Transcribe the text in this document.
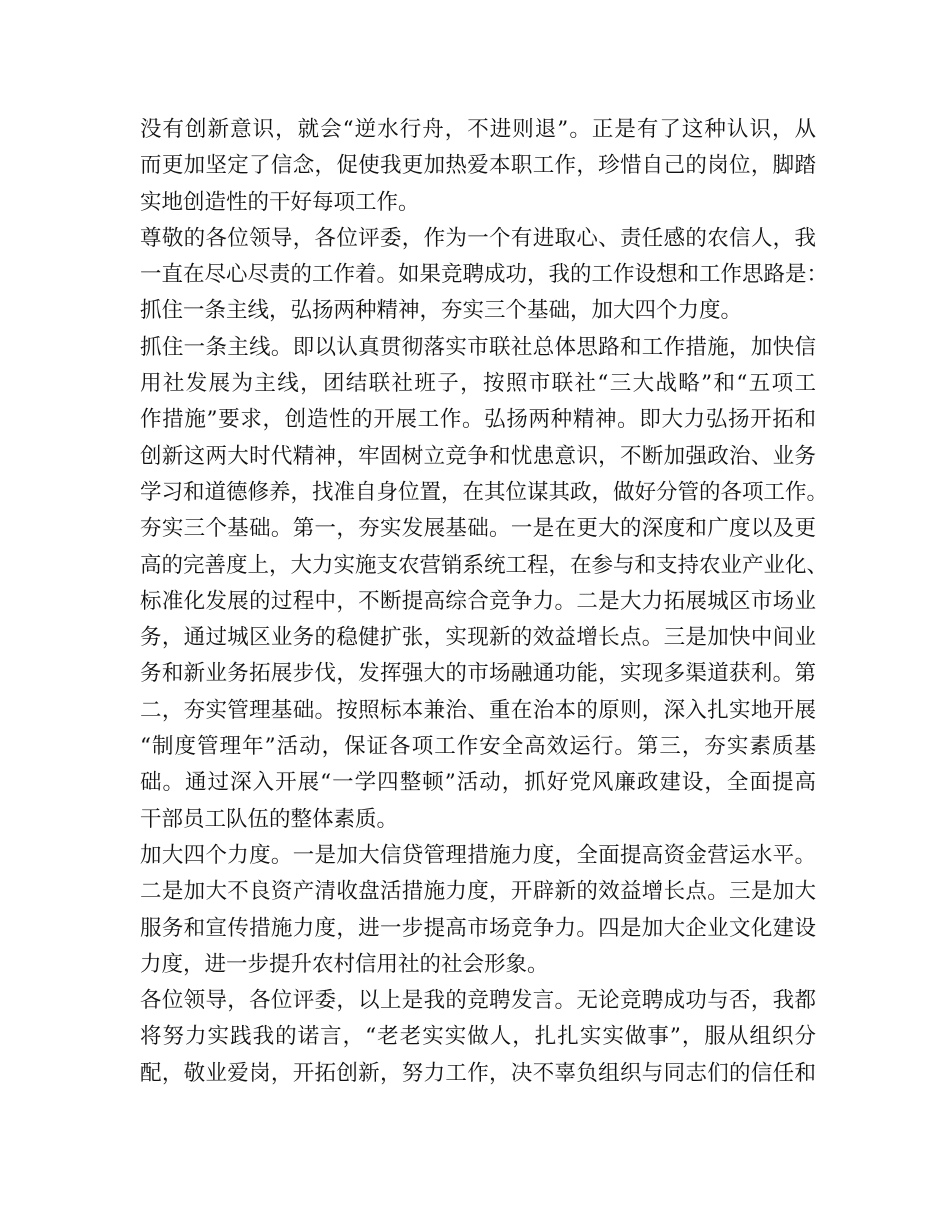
没有创新意识，就会“逆水行舟，不进则退”。正是有了这种认识，从
而更加坚定了信念，促使我更加热爱本职工作，珍惜自己的岗位，脚踏
实地创造性的干好每项工作。

尊敬的各位领导，各位评委，作为一个有进取心、责任感的农信人，我
一直在尽心尽责的工作着。如果竞聘成功，我的工作设想和工作思路是：
抓住一条主线，弘扬两种精神，夯实三个基础，加大四个力度。

抓住一条主线。即以认真贯彻落实市联社总体思路和工作措施，加快信
用社发展为主线，团结联社班子，按照市联社“三大战略”和“五项工
作措施”要求，创造性的开展工作。弘扬两种精神。即大力弘扬开拓和
创新这两大时代精神，牢固树立竞争和忧患意识，不断加强政治、业务
学习和道德修养，找准自身位置，在其位谋其政，做好分管的各项工作。

夯实三个基础。第一，夯实发展基础。一是在更大的深度和广度以及更
高的完善度上，大力实施支农营销系统工程，在参与和支持农业产业化、
标准化发展的过程中，不断提高综合竞争力。二是大力拓展城区市场业
务，通过城区业务的稳健扩张，实现新的效益增长点。三是加快中间业
务和新业务拓展步伐，发挥强大的市场融通功能，实现多渠道获利。第
二，夯实管理基础。按照标本兼治、重在治本的原则，深入扎实地开展
“制度管理年”活动，保证各项工作安全高效运行。第三，夯实素质基
础。通过深入开展“一学四整顿”活动，抓好党风廉政建设，全面提高
干部员工队伍的整体素质。

加大四个力度。一是加大信贷管理措施力度，全面提高资金营运水平。
二是加大不良资产清收盘活措施力度，开辟新的效益增长点。三是加大
服务和宣传措施力度，进一步提高市场竞争力。四是加大企业文化建设
力度，进一步提升农村信用社的社会形象。

各位领导，各位评委，以上是我的竞聘发言。无论竞聘成功与否，我都
将努力实践我的诺言，“老老实实做人，扎扎实实做事”，服从组织分
配，敬业爱岗，开拓创新，努力工作，决不辜负组织与同志们的信任和
